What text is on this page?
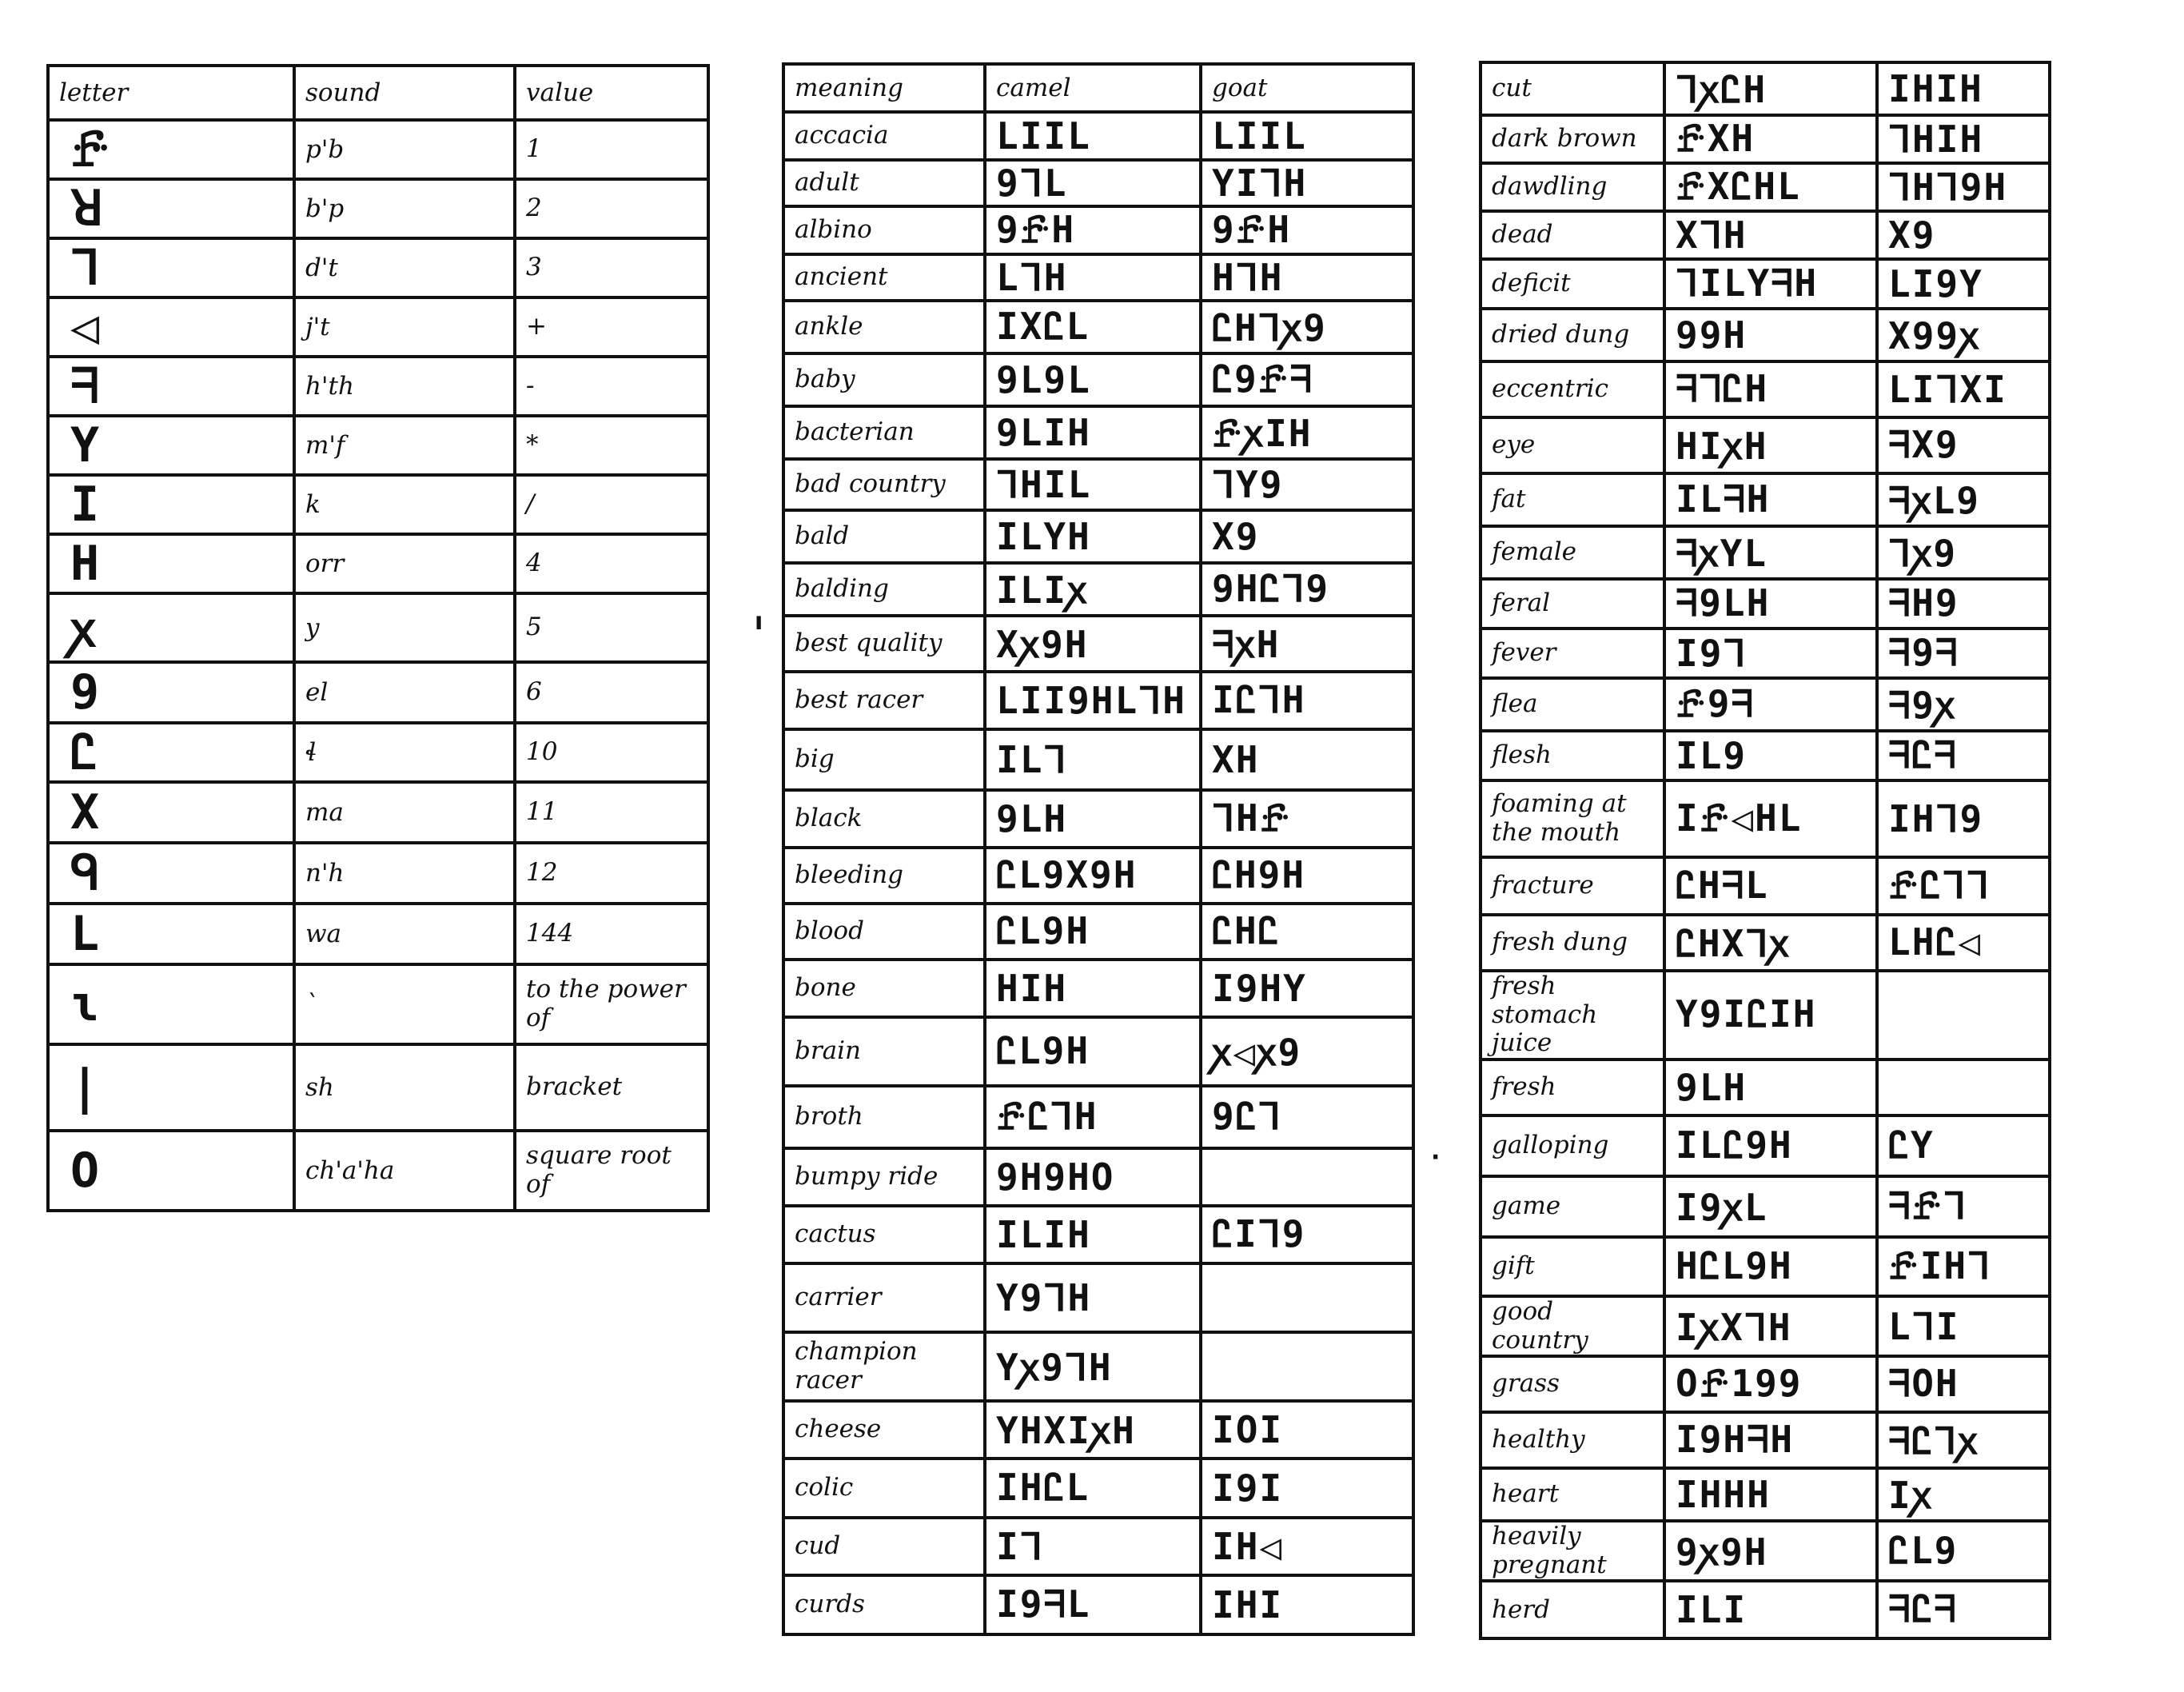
letter	sound	value
ꗔ	p'b	1
ꓤ	b'p	2
ᒣ	d't	3
◁	j't	+
ᖷ	h'th	-
Y	m'f	*
I	k	/
H	orr	4
ꭗ	y	5
9	el	6
Ꮭ	ɬ	10
X	ma	11
ᑫ	n'h	12
L	wa	144
ɩ	`	to the power of
|	sh	bracket
O	ch'a'ha	square root of
meaning	camel	goat
accacia	LIIL	LIIL
adult	9ᒣL	YIᒣH
albino	9ꗔH	9ꗔH
ancient	LᒣH	HᒣH
ankle	IXᏝL	ᏝHᒣꭗ9
baby	9L9L	Ꮭ9ꗔᖷ
bacterian	9LIH	ꗔꭗIH
bad country	ᒣHIL	ᒣY9
bald	ILYH	X9
balding	ILIꭗ	9HᏝᒣ9
best quality	Xꭗ9H	ᖷꭗH
best racer	LII9HLᒣH	IᏝᒣH
big	ILᒣ	XH
black	9LH	ᒣHꗔ
bleeding	ᏝL9X9H	ᏝH9H
blood	ᏝL9H	ᏝHᏝ
bone	HIH	I9HY
brain	ᏝL9H	ꭗ◁ꭗ9
broth	ꗔᏝᒣH	9Ꮭᒣ
bumpy ride	9H9HO	
cactus	ILIH	ᏝIᒣ9
carrier	Y9ᒣH	
champion racer	Yꭗ9ᒣH	
cheese	YHXIꭗH	IOI
colic	IHᏝL	I9I
cud	Iᒣ	IH◁
curds	I9ᖷL	IHI
cut	ᒣꭗᏝH	IHIH
dark brown	ꗔXH	ᒣHIH
dawdling	ꗔXᏝHL	ᒣHᒣ9H
dead	XᒣH	X9
deficit	ᒣILYᖷH	LI9Y
dried dung	99H	X99ꭗ
eccentric	ᖷᒣᏝH	LIᒣXI
eye	HIꭗH	ᖷX9
fat	ILᖷH	ᖷꭗL9
female	ᖷꭗYL	ᒣꭗ9
feral	ᖷ9LH	ᖷH9
fever	I9ᒣ	ᖷ9ᖷ
flea	ꗔ9ᖷ	ᖷ9ꭗ
flesh	IL9	ᖷᏝᖷ
foaming at the mouth	Iꗔ◁HL	IHᒣ9
fracture	ᏝHᖷL	ꗔᏝᒣᒣ
fresh dung	ᏝHXᒣꭗ	LHᏝ◁
fresh stomach juice	Y9IᏝIH	
fresh	9LH	
galloping	ILᏝ9H	ᏝY
game	I9ꭗL	ᖷꗔᒣ
gift	HᏝL9H	ꗔIHᒣ
good country	IꭗXᒣH	LᒣI
grass	Oꗔ199	ᖷOH
healthy	I9HᖷH	ᖷᏝᒣꭗ
heart	IHHH	Iꭗ
heavily pregnant	9ꭗ9H	ᏝL9
herd	ILI	ᖷᏝᖷ
ı
·
